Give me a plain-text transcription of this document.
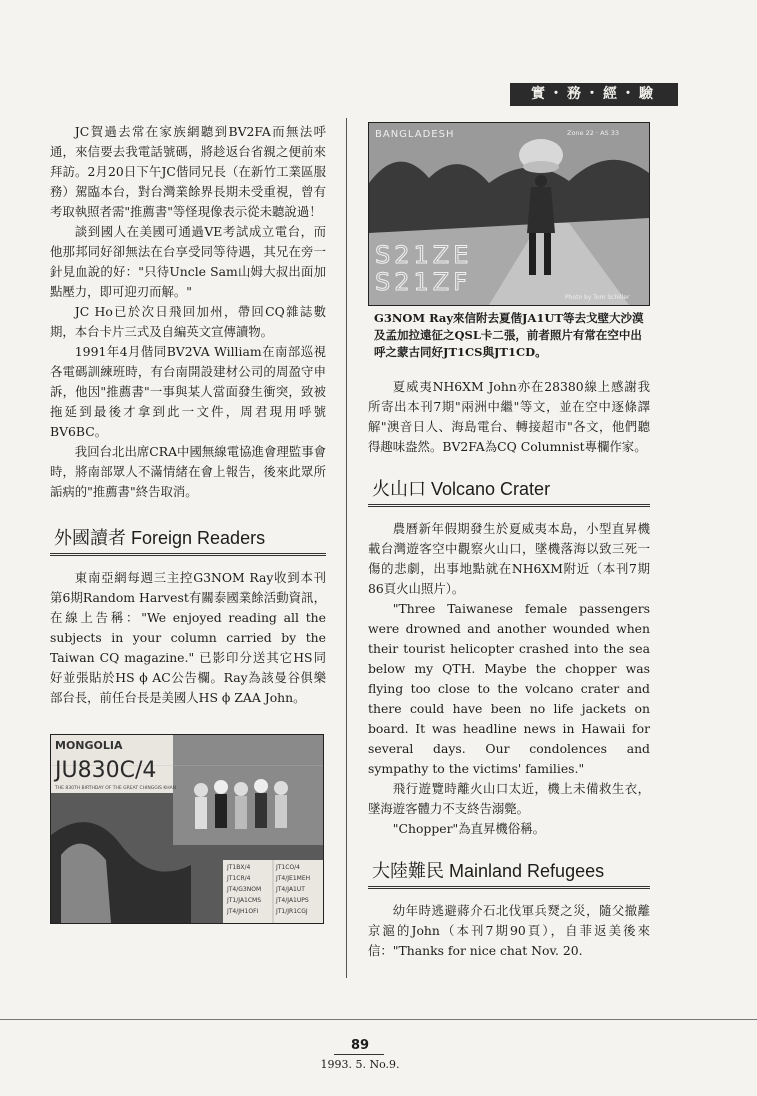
實・務・經・驗

JC賀過去常在家族網聽到BV2FA而無法呼通，來信要去我電話號碼，將趁返台省親之便前來拜訪。2月20日下午JC偕同兄長（在新竹工業區服務）駕臨本台，對台灣業餘界長期未受重視，曾有考取執照者需"推薦書"等怪現像表示從未聽說過！

談到國人在美國可通過VE考試成立電台，而他那邦同好卻無法在台享受同等待遇，其兄在旁一針見血說的好："只待Uncle Sam山姆大叔出面加點壓力，即可迎刃而解。"

JC Ho已於次日飛回加州，帶回CQ雜誌數期，本台卡片三式及自編英文宣傳讀物。

1991年4月偕同BV2VA William在南部巡視各電碼訓練班時，有台南開設建材公司的周盈守申訴，他因"推薦書"一事與某人當面發生衝突，致被拖延到最後才拿到此一文件，周君現用呼號BV6BC。

我回台北出席CRA中國無線電協進會理監事會時，將南部眾人不滿情緒在會上報告，後來此眾所詬病的"推薦書"終告取消。

外國讀者 Foreign Readers

東南亞網每週三主控G3NOM Ray收到本刊第6期Random Harvest有關泰國業餘活動資訊，在線上告稱："We enjoyed reading all the subjects in your column carried by the Taiwan CQ magazine." 已影印分送其它HS同好並張貼於HS ϕ AC公告欄。Ray為該曼谷俱樂部台長，前任台長是美國人HS ϕ ZAA John。

MONGOLIA
JU830C/4
THE 830TH BIRTHDAY OF THE GREAT CHINGGIS KHAN
JT1BX/4	JT1CO/4
JT1CR/4	JT4/JE1MEH
JT4/G3NOM JT4/JA1UT
JT1/JA1CMS JT4/JA1UPS
JT4/JH1OFI	JT1/JR1CGJ
BANGLADESH	Zone 22 · AS 33
S21ZE
S21ZF
Photo by Tom Schiller

G3NOM Ray來信附去夏偕JA1UT等去戈壁大沙漠及孟加拉遠征之QSL卡二張，前者照片有常在空中出呼之蒙古同好JT1CS與JT1CD。

夏威夷NH6XM John亦在28380線上感謝我所寄出本刊7期"兩洲中繼"等文，並在空中逐條譯解"澳音日人、海島電台、轉接超市"各文，他們聽得趣味盎然。BV2FA為CQ Columnist專欄作家。

火山口 Volcano Crater

農曆新年假期發生於夏威夷本島，小型直昇機載台灣遊客空中觀察火山口，墜機落海以致三死一傷的悲劇，出事地點就在NH6XM附近（本刊7期86頁火山照片）。

"Three Taiwanese female passengers were drowned and another wounded when their tourist helicopter crashed into the sea below my QTH. Maybe the chopper was flying too close to the volcano crater and there could have been no life jackets on board. It was headline news in Hawaii for several days. Our condolences and sympathy to the victims' families."

飛行遊覽時離火山口太近，機上未備救生衣，墜海遊客體力不支終告溺斃。

"Chopper"為直昇機俗稱。

大陸難民 Mainland Refugees

幼年時逃避蔣介石北伐軍兵燹之災，隨父撤離京滬的John（本刊7期90頁），自菲返美後來信："Thanks for nice chat Nov. 20.

89
1993. 5. No.9.
